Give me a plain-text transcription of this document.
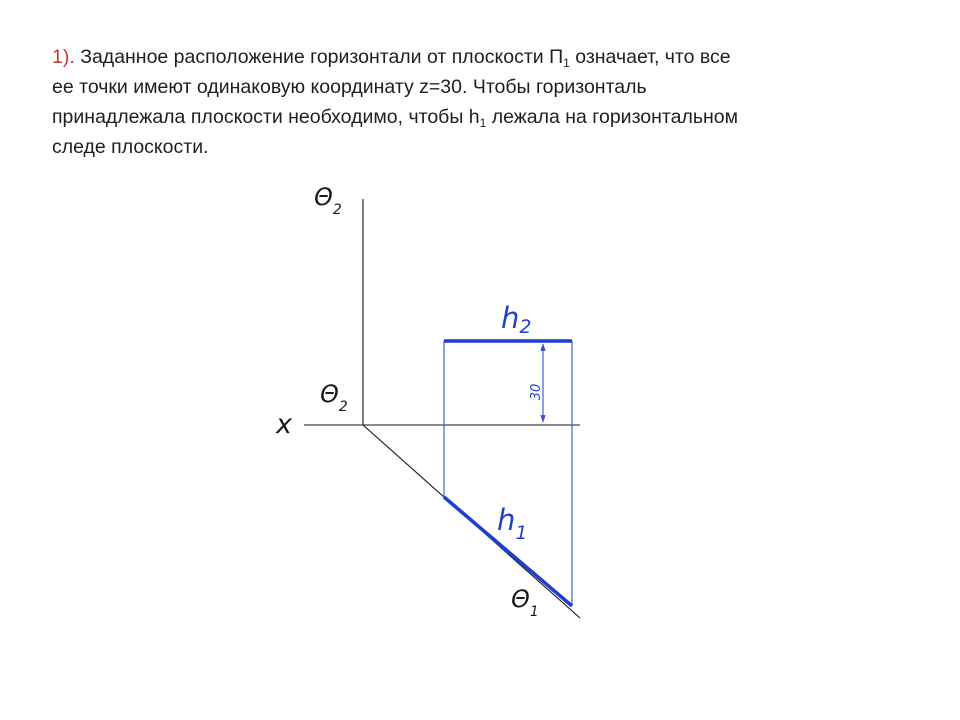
1). Заданное расположение горизонтали от плоскости $П_1$ означает, что все
ее точки имеют одинаковую координату z=30. Чтобы горизонталь
принадлежала плоскости необходимо, чтобы $h_1$ лежала на горизонтальном
следе плоскости.
30
x
$\Theta_2$
$\Theta_2$
$\Theta_1$
h2
$h_1$
